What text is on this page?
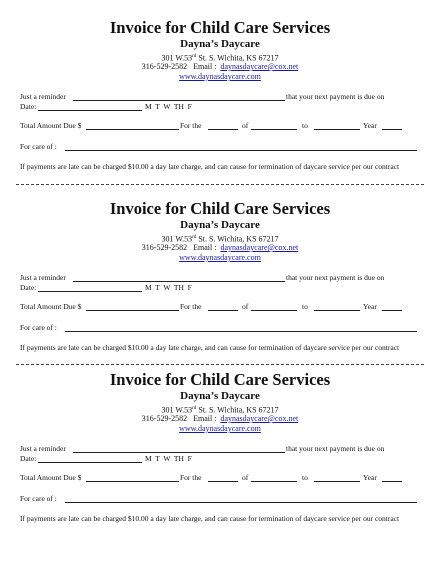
Invoice for Child Care Services
Dayna’s Daycare
301 W.53rd St. S. Wichita, KS 67217
316-529-2582 Email : daynasdaycare@cox.net
www.daynasdaycare.com
Just a reminder	that your next payment is due on
Date:	M  T  W  TH  F
Total Amount Due $	For the	of	to	Year
For care of :
If payments are late can be charged $10.00 a day late charge, and can cause for termination of daycare service per our contract
Invoice for Child Care Services
Dayna’s Daycare
301 W.53rd St. S. Wichita, KS 67217
316-529-2582 Email : daynasdaycare@cox.net
www.daynasdaycare.com
Just a reminder	that your next payment is due on
Date:	M  T  W  TH  F
Total Amount Due $	For the	of	to	Year
For care of :
If payments are late can be charged $10.00 a day late charge, and can cause for termination of daycare service per our contract
Invoice for Child Care Services
Dayna’s Daycare
301 W.53rd St. S. Wichita, KS 67217
316-529-2582 Email : daynasdaycare@cox.net
www.daynasdaycare.com
Just a reminder	that your next payment is due on
Date:	M  T  W  TH  F
Total Amount Due $	For the	of	to	Year
For care of :
If payments are late can be charged $10.00 a day late charge, and can cause for termination of daycare service per our contract
